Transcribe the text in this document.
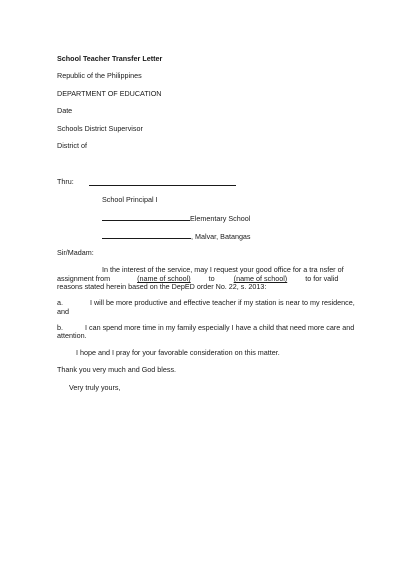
School Teacher Transfer Letter
Republic of the Philippines
DEPARTMENT OF EDUCATION
Date
Schools District Supervisor
District of
Thru:
School Principal I
Elementary School
, Malvar, Batangas
Sir/Madam:
In the interest of the service, may I request your good office for a tra nsfer of
assignment from	(name of school)	to	(name of school)	to for valid
reasons stated herein based on the DepED order No. 22, s. 2013:
a.	I will be more productive and effective teacher if my station is near to my residence,
and
b.	I can spend more time in my family especially I have a child that need more care and
attention.
I hope and I pray for your favorable consideration on this matter.
Thank you very much and God bless.
Very truly yours,
